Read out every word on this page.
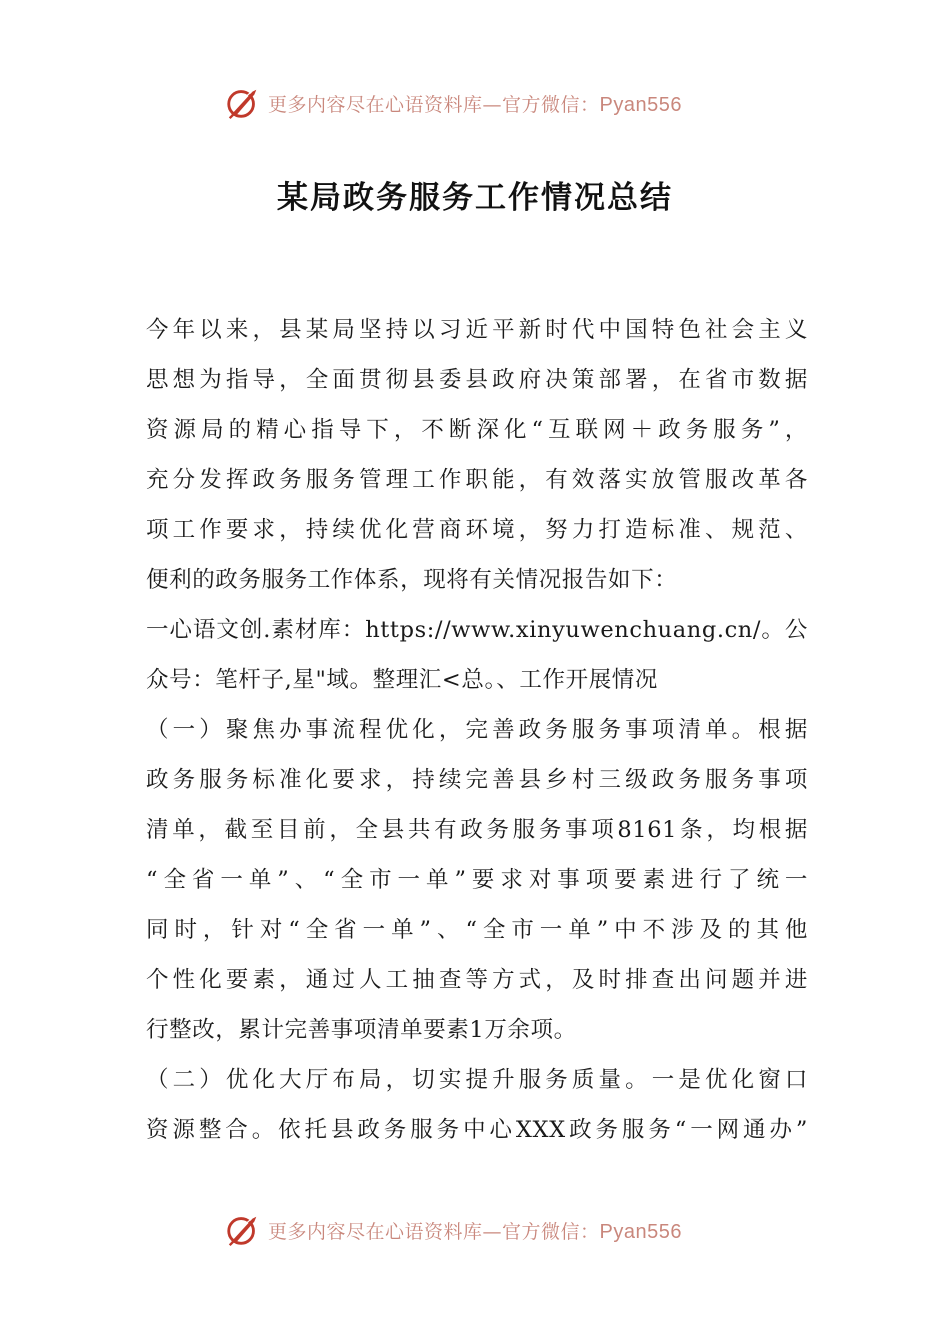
更多内容尽在心语资料库—官方微信：Pyan556
某局政务服务工作情况总结
今年以来，县某局坚持以习近平新时代中国特色社会主义
思想为指导，全面贯彻县委县政府决策部署，在省市数据
资源局的精心指导下，不断深化“互联网＋政务服务”，
充分发挥政务服务管理工作职能，有效落实放管服改革各
项工作要求，持续优化营商环境，努力打造标准、规范、
便利的政务服务工作体系，现将有关情况报告如下：
一心语文创.素材库：https://www.xinyuwenchuang.cn/。公
众号：笔杆子,星"域。整理汇<总。、工作开展情况
（一）聚焦办事流程优化，完善政务服务事项清单。根据
政务服务标准化要求，持续完善县乡村三级政务服务事项
清单，截至目前，全县共有政务服务事项8161条，均根据
“全省一单”、“全市一单”要求对事项要素进行了统一
同时，针对“全省一单”、“全市一单”中不涉及的其他
个性化要素，通过人工抽查等方式，及时排查出问题并进
行整改，累计完善事项清单要素1万余项。
（二）优化大厅布局，切实提升服务质量。一是优化窗口
资源整合。依托县政务服务中心XXX政务服务“一网通办”
更多内容尽在心语资料库—官方微信：Pyan556
